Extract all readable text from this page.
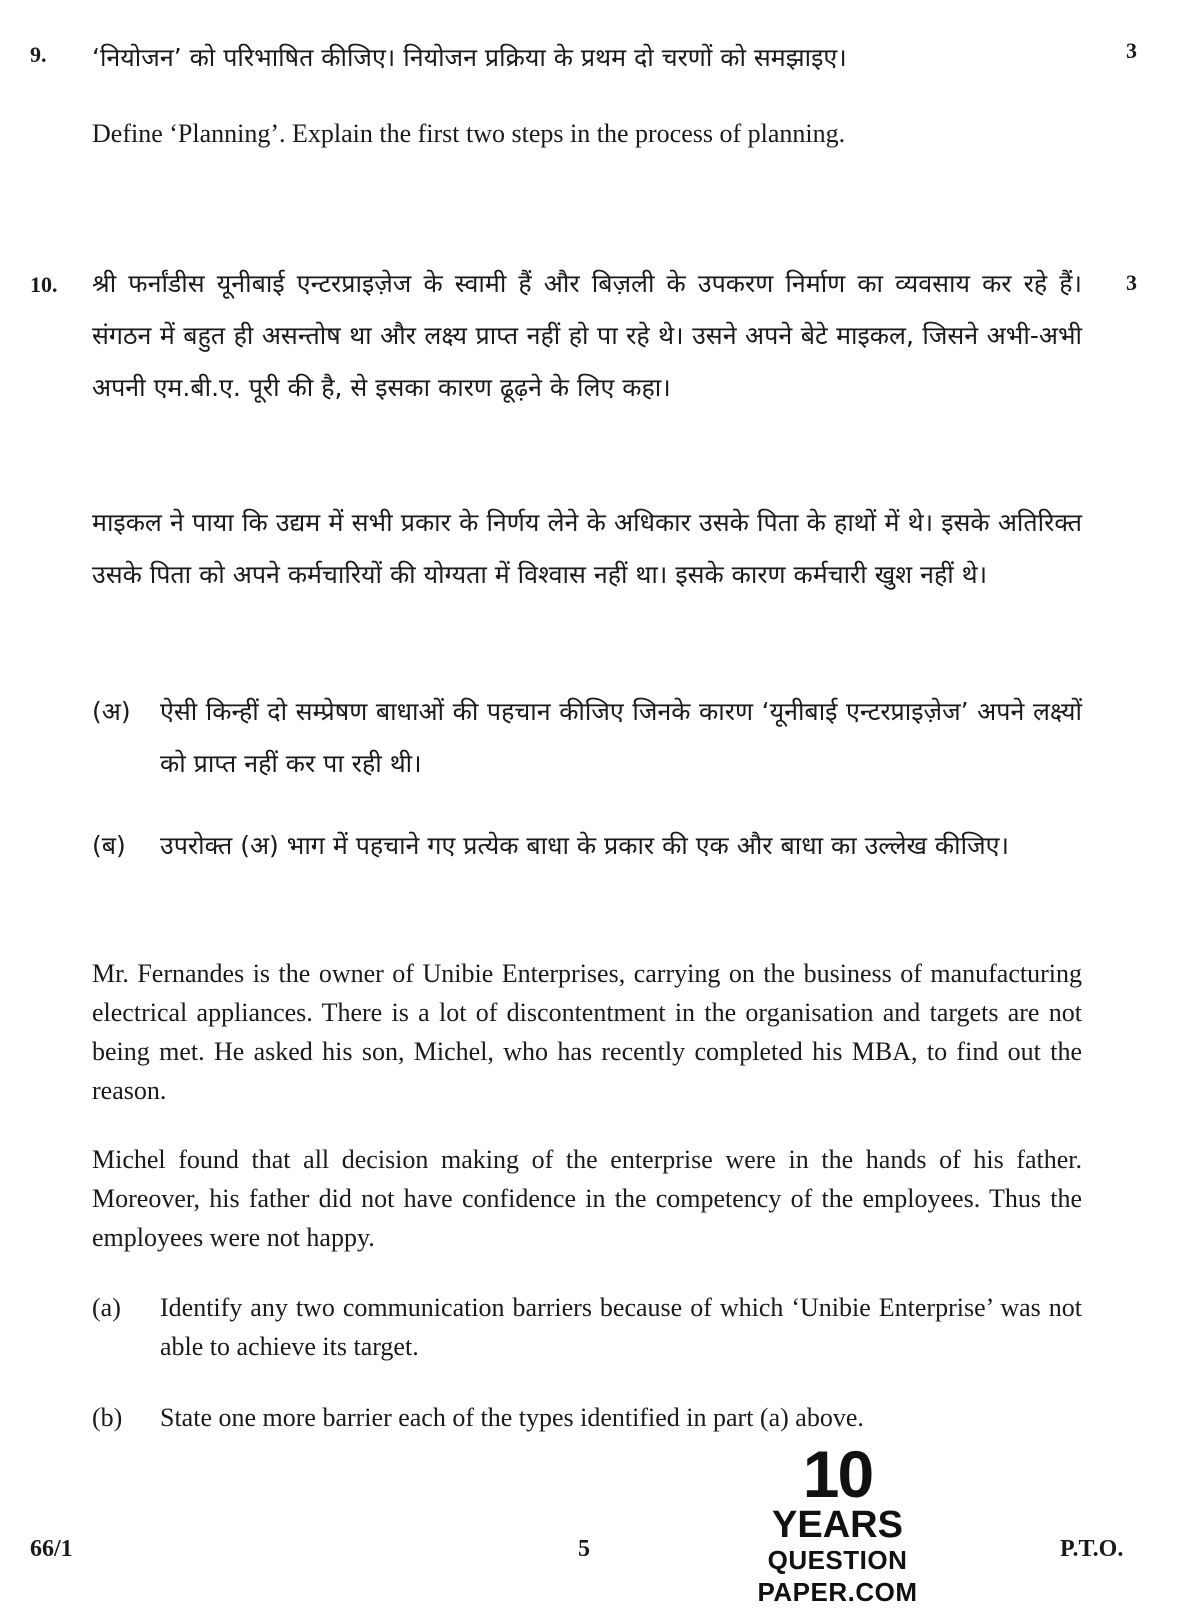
9.	3
‘नियोजन’ को परिभाषित कीजिए। नियोजन प्रक्रिया के प्रथम दो चरणों को समझाइए।
Define ‘Planning’. Explain the first two steps in the process of planning.
10.	3
श्री फर्नांडीस यूनीबाई एन्टरप्राइज़ेज के स्वामी हैं और बिज़ली के उपकरण निर्माण का व्यवसाय कर रहे हैं। संगठन में बहुत ही असन्तोष था और लक्ष्य प्राप्त नहीं हो पा रहे थे। उसने अपने बेटे माइकल, जिसने अभी-अभी अपनी एम.बी.ए. पूरी की है, से इसका कारण ढूढ़ने के लिए कहा।
माइकल ने पाया कि उद्यम में सभी प्रकार के निर्णय लेने के अधिकार उसके पिता के हाथों में थे। इसके अतिरिक्त उसके पिता को अपने कर्मचारियों की योग्यता में विश्वास नहीं था। इसके कारण कर्मचारी खुश नहीं थे।
(अ) ऐसी किन्हीं दो सम्प्रेषण बाधाओं की पहचान कीजिए जिनके कारण ‘यूनीबाई एन्टरप्राइज़ेज’ अपने लक्ष्यों को प्राप्त नहीं कर पा रही थी।
(ब) उपरोक्त (अ) भाग में पहचाने गए प्रत्येक बाधा के प्रकार की एक और बाधा का उल्लेख कीजिए।
Mr. Fernandes is the owner of Unibie Enterprises, carrying on the business of manufacturing electrical appliances. There is a lot of discontentment in the organisation and targets are not being met. He asked his son, Michel, who has recently completed his MBA, to find out the reason.
Michel found that all decision making of the enterprise were in the hands of his father. Moreover, his father did not have confidence in the competency of the employees. Thus the employees were not happy.
(a) Identify any two communication barriers because of which ‘Unibie Enterprise’ was not able to achieve its target.
(b) State one more barrier each of the types identified in part (a) above.
10
YEARS
QUESTION PAPER.COM
66/1	5	P.T.O.
